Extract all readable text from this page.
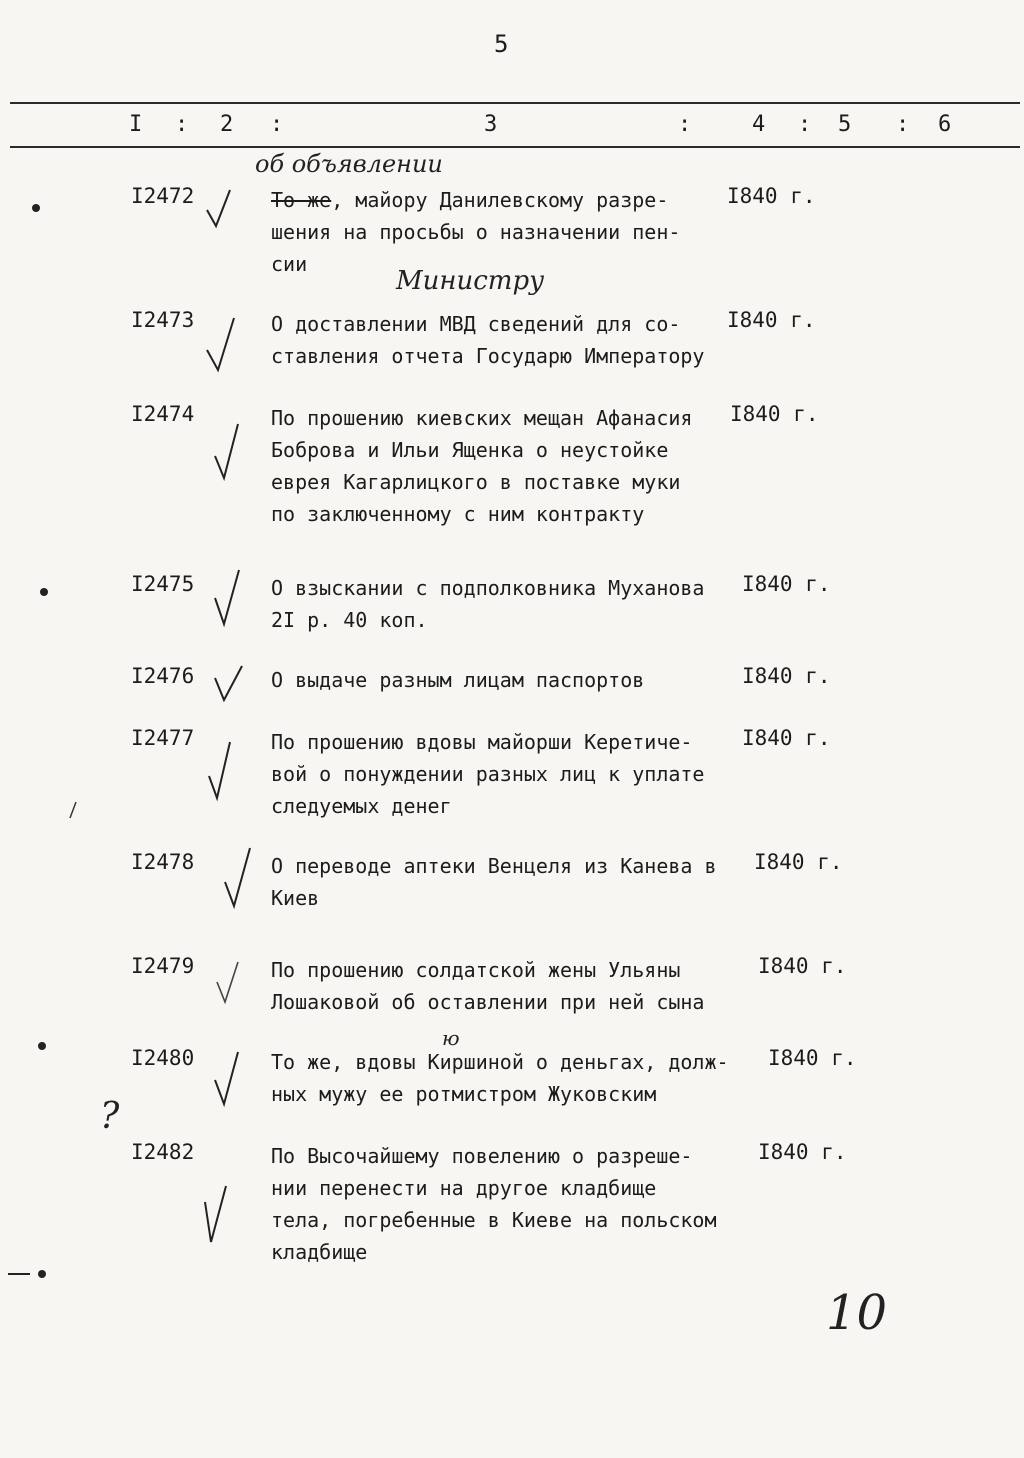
5
I : 2 :	3	:	4 : 5 : 6
об объявлении
I2472	То же, майору Данилевскому разре-
шения на просьбы о назначении пен-
сии
I840 г.
Министру
I2473	О доставлении МВД сведений для со-
ставления отчета Государю Императору
I840 г.
I2474	По прошению киевских мещан Афанасия
Боброва и Ильи Ященка о неустойке
еврея Кагарлицкого в поставке муки
по заключенному с ним контракту
I840 г.
I2475	О взыскании с подполковника Муханова
2I р. 40 коп.
I840 г.
I2476	О выдаче разным лицам паспортов	I840 г.
I2477	По прошению вдовы майорши Керетиче-
вой о понуждении разных лиц к уплате
следуемых денег
I840 г.
I2478	О переводе аптеки Венцеля из Канева в
Киев
I840 г.
I2479	По прошению солдатской жены Ульяны
Лошаковой об оставлении при ней сына
I840 г.
ю
I2480	То же, вдовы Киршиной о деньгах, долж-
ных мужу ее ротмистром Жуковским
I840 г.
I2482	По Высочайшему повелению о разреше-
нии перенести на другое кладбище
тела, погребенные в Киеве на польском
кладбище
I840 г.
?
10
